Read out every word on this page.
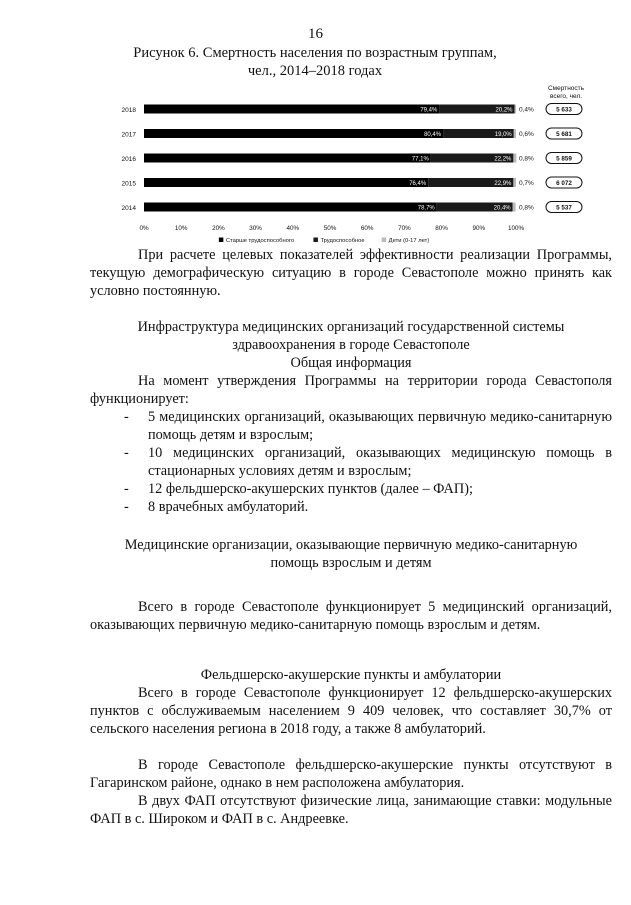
16
Рисунок 6. Смертность населения по возрастным группам,
чел., 2014–2018 годах
Смертность
всего, чел.
2018	79,4%	20,2% 0,4%	5 633
2017	80,4%	19,0% 0,6%	5 681
2016	77,1%	22,2% 0,8%	5 859
2015	76,4%	22,9% 0,7%	6 072
2014	78,7%	20,4% 0,8%	5 537
0%	10%	20%	30%	40%	50%	60%	70%	80%	90%	100%
Старше трудоспособного	Трудоспособное	Дети (0-17 лет)
При расчете целевых показателей эффективности реализации Программы, текущую демографическую ситуацию в городе Севастополе можно принять как условно постоянную.
Инфраструктура медицинских организаций государственной системы
здравоохранения в городе Севастополе
Общая информация
На момент утверждения Программы на территории города Севастополя функционирует:
- 5 медицинских организаций, оказывающих первичную медико-санитарную помощь детям и взрослым;
- 10 медицинских организаций, оказывающих медицинскую помощь в стационарных условиях детям и взрослым;
- 12 фельдшерско-акушерских пунктов (далее – ФАП);
- 8 врачебных амбулаторий.
Медицинские организации, оказывающие первичную медико-санитарную
помощь взрослым и детям
Всего в городе Севастополе функционирует 5 медицинский организаций, оказывающих первичную медико-санитарную помощь взрослым и детям.
Фельдшерско-акушерские пункты и амбулатории
Всего в городе Севастополе функционирует 12 фельдшерско-акушерских пунктов с обслуживаемым населением 9 409 человек, что составляет 30,7% от сельского населения региона в 2018 году, а также 8 амбулаторий.
В городе Севастополе фельдшерско-акушерские пункты отсутствуют в Гагаринском районе, однако в нем расположена амбулатория.
В двух ФАП отсутствуют физические лица, занимающие ставки: модульные ФАП в с. Широком и ФАП в с. Андреевке.
